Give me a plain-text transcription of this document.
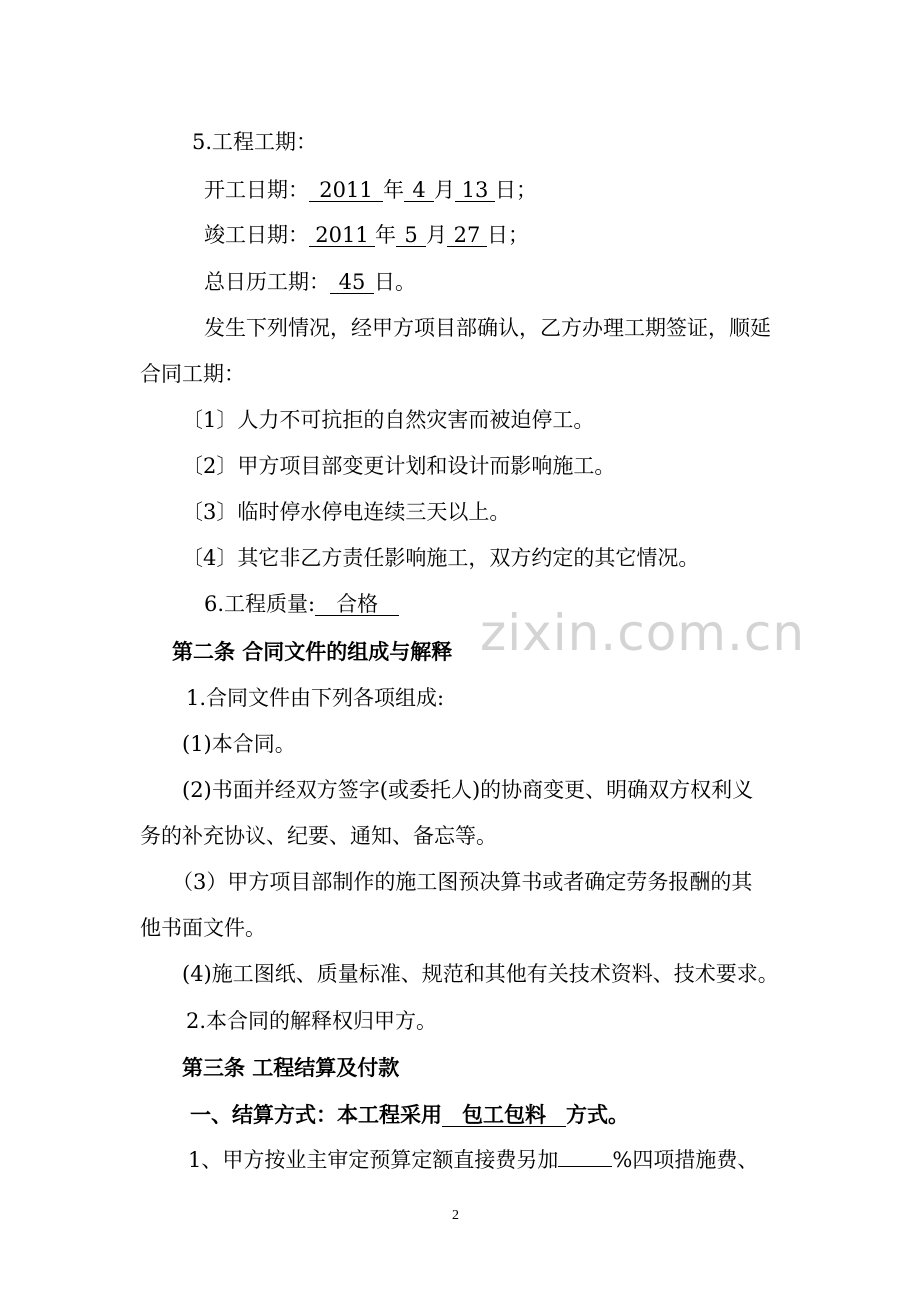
5.工程工期：
开工日期： 2011 年 4 月 13 日；
竣工日期： 2011 年 5 月 27 日；
总日历工期： 45 日。
发生下列情况，经甲方项目部确认，乙方办理工期签证，顺延
合同工期：
〔1〕人力不可抗拒的自然灾害而被迫停工。
〔2〕甲方项目部变更计划和设计而影响施工。
〔3〕临时停水停电连续三天以上。
〔4〕其它非乙方责任影响施工，双方约定的其它情况。
6.工程质量: 合格
第二条 合同文件的组成与解释
1.合同文件由下列各项组成:
(1)本合同。
(2)书面并经双方签字(或委托人)的协商变更、明确双方权利义
务的补充协议、纪要、通知、备忘等。
（3）甲方项目部制作的施工图预决算书或者确定劳务报酬的其
他书面文件。
(4)施工图纸、质量标准、规范和其他有关技术资料、技术要求。
2.本合同的解释权归甲方。
第三条 工程结算及付款
一、结算方式：本工程采用 包工包料 方式。
1、甲方按业主审定预算定额直接费另加	%四项措施费、
zixin.com.cn
2
